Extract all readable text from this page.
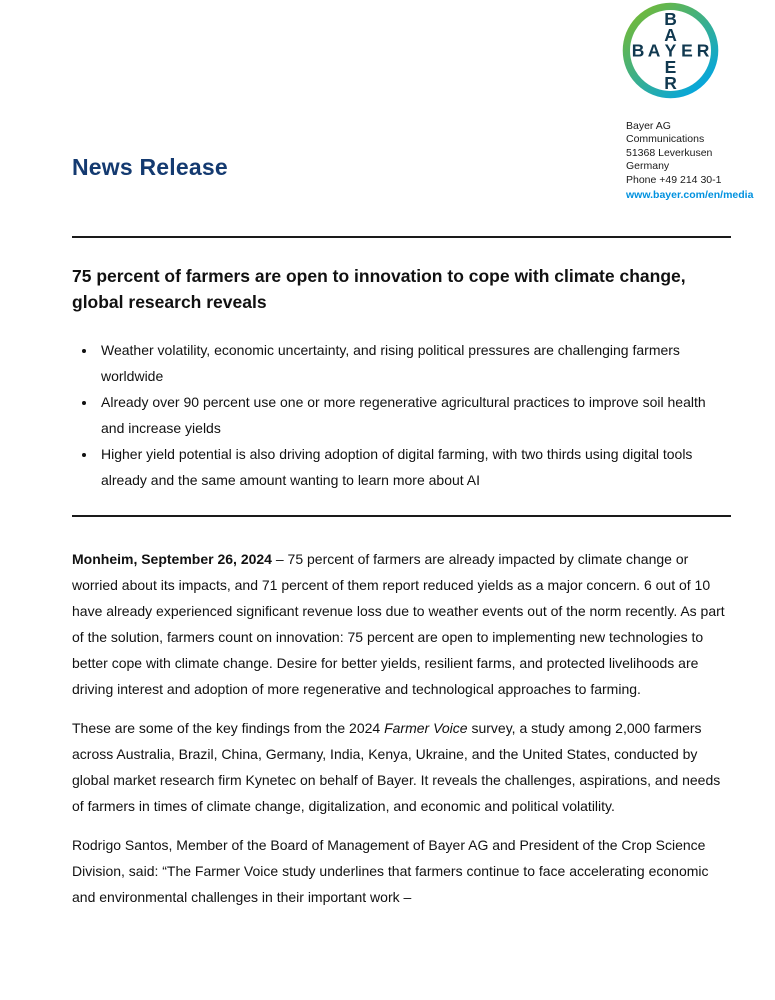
B A Y E R
B
A
E
R
Bayer AG
Communications
51368 Leverkusen
Germany
Phone +49 214 30-1
www.bayer.com/en/media
News Release
75 percent of farmers are open to innovation to cope with climate change, global research reveals
• Weather volatility, economic uncertainty, and rising political pressures are challenging farmers worldwide
• Already over 90 percent use one or more regenerative agricultural practices to improve soil health and increase yields
• Higher yield potential is also driving adoption of digital farming, with two thirds using digital tools already and the same amount wanting to learn more about AI

Monheim, September 26, 2024 – 75 percent of farmers are already impacted by climate change or worried about its impacts, and 71 percent of them report reduced yields as a major concern. 6 out of 10 have already experienced significant revenue loss due to weather events out of the norm recently. As part of the solution, farmers count on innovation: 75 percent are open to implementing new technologies to better cope with climate change. Desire for better yields, resilient farms, and protected livelihoods are driving interest and adoption of more regenerative and technological approaches to farming.

These are some of the key findings from the 2024 Farmer Voice survey, a study among 2,000 farmers across Australia, Brazil, China, Germany, India, Kenya, Ukraine, and the United States, conducted by global market research firm Kynetec on behalf of Bayer. It reveals the challenges, aspirations, and needs of farmers in times of climate change, digitalization, and economic and political volatility.

Rodrigo Santos, Member of the Board of Management of Bayer AG and President of the Crop Science Division, said: “The Farmer Voice study underlines that farmers continue to face accelerating economic and environmental challenges in their important work –
